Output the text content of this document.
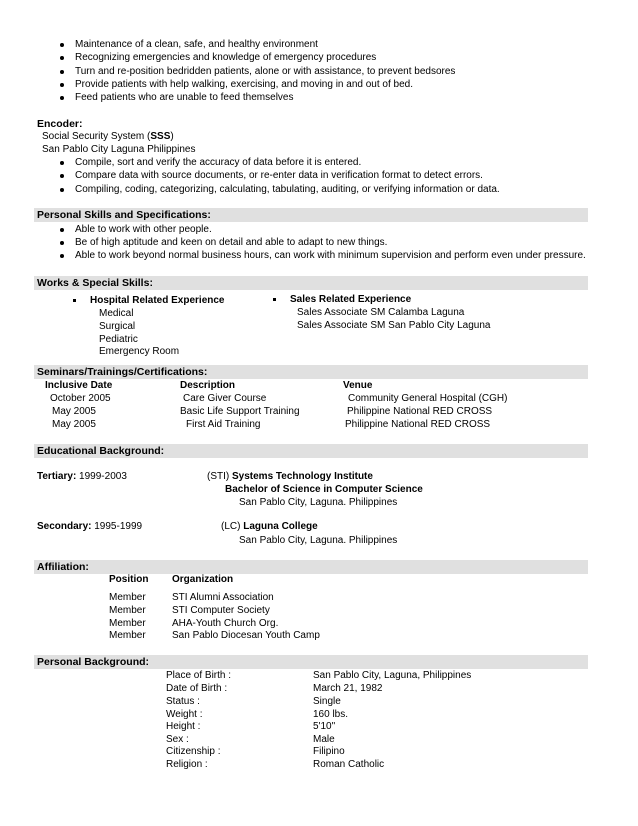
Maintenance of a clean, safe, and healthy environment
Recognizing emergencies and knowledge of emergency procedures
Turn and re-position bedridden patients, alone or with assistance, to prevent bedsores
Provide patients with help walking, exercising, and moving in and out of bed.
Feed patients who are unable to feed themselves
Encoder:
Social Security System (SSS)
San Pablo City Laguna Philippines
Compile, sort and verify the accuracy of data before it is entered.
Compare data with source documents, or re-enter data in verification format to detect errors.
Compiling, coding, categorizing, calculating, tabulating, auditing, or verifying information or data.
Personal Skills and Specifications:
Able to work with other people.
Be of high aptitude and keen on detail and able to adapt to new things.
Able to work beyond normal business hours, can work with minimum supervision and perform even under pressure.
Works & Special Skills:
Hospital Related Experience
Medical
Surgical
Pediatric
Emergency Room
Sales Related Experience
Sales Associate SM Calamba Laguna
Sales Associate SM San Pablo City Laguna
Seminars/Trainings/Certifications:
Inclusive Date	Description	Venue
October 2005	Care Giver Course	Community General Hospital (CGH)
May 2005	Basic Life Support Training	Philippine National RED CROSS
May 2005	First Aid Training	Philippine National RED CROSS
Educational Background:
Tertiary: 1999-2003	(STI) Systems Technology Institute
Bachelor of Science in Computer Science
San Pablo City, Laguna. Philippines
Secondary: 1995-1999	(LC) Laguna College
San Pablo City, Laguna. Philippines
Affiliation:
Position Organization
Member	STI Alumni Association
Member	STI Computer Society
Member	AHA-Youth Church Org.
Member	San Pablo Diocesan Youth Camp
Personal Background:
Place of Birth :	San Pablo City, Laguna, Philippines
Date of Birth :	March 21, 1982
Status :	Single
Weight :	160 lbs.
Height :	5'10"
Sex :	Male
Citizenship :	Filipino
Religion :	Roman Catholic
